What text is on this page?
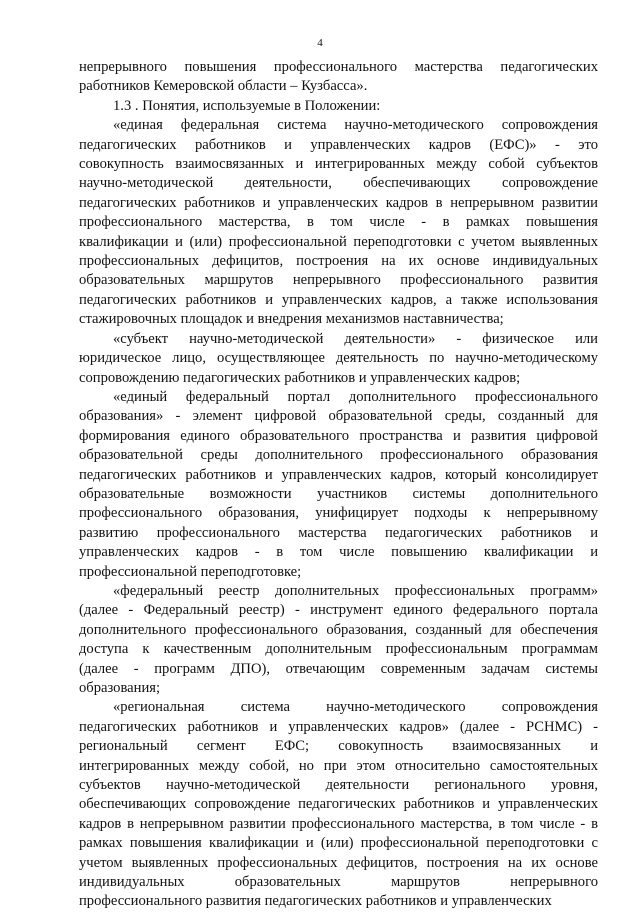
4
непрерывного повышения профессионального мастерства педагогических
работников Кемеровской области – Кузбасса».
1.3 . Понятия, используемые в Положении:
«единая федеральная система научно-методического сопровождения
педагогических работников и управленческих кадров (ЕФС)» - это
совокупность взаимосвязанных и интегрированных между собой субъектов
научно-методической деятельности, обеспечивающих сопровождение
педагогических работников и управленческих кадров в непрерывном развитии
профессионального мастерства, в том числе - в рамках повышения
квалификации и (или) профессиональной переподготовки с учетом выявленных
профессиональных дефицитов, построения на их основе индивидуальных
образовательных маршрутов непрерывного профессионального развития
педагогических работников и управленческих кадров, а также использования
стажировочных площадок и внедрения механизмов наставничества;
«субъект научно-методической деятельности» - физическое или
юридическое лицо, осуществляющее деятельность по научно-методическому
сопровождению педагогических работников и управленческих кадров;
«единый федеральный портал дополнительного профессионального
образования» - элемент цифровой образовательной среды, созданный для
формирования единого образовательного пространства и развития цифровой
образовательной среды дополнительного профессионального образования
педагогических работников и управленческих кадров, который консолидирует
образовательные возможности участников системы дополнительного
профессионального образования, унифицирует подходы к непрерывному
развитию профессионального мастерства педагогических работников и
управленческих кадров - в том числе повышению квалификации и
профессиональной переподготовке;
«федеральный реестр дополнительных профессиональных программ»
(далее - Федеральный реестр) - инструмент единого федерального портала
дополнительного профессионального образования, созданный для обеспечения
доступа к качественным дополнительным профессиональным программам
(далее - программ ДПО), отвечающим современным задачам системы
образования;
«региональная система научно-методического сопровождения
педагогических работников и управленческих кадров» (далее - РСНМС) -
региональный сегмент ЕФС; совокупность взаимосвязанных и
интегрированных между собой, но при этом относительно самостоятельных
субъектов научно-методической деятельности регионального уровня,
обеспечивающих сопровождение педагогических работников и управленческих
кадров в непрерывном развитии профессионального мастерства, в том числе - в
рамках повышения квалификации и (или) профессиональной переподготовки с
учетом выявленных профессиональных дефицитов, построения на их основе
индивидуальных образовательных маршрутов непрерывного
профессионального развития педагогических работников и управленческих
